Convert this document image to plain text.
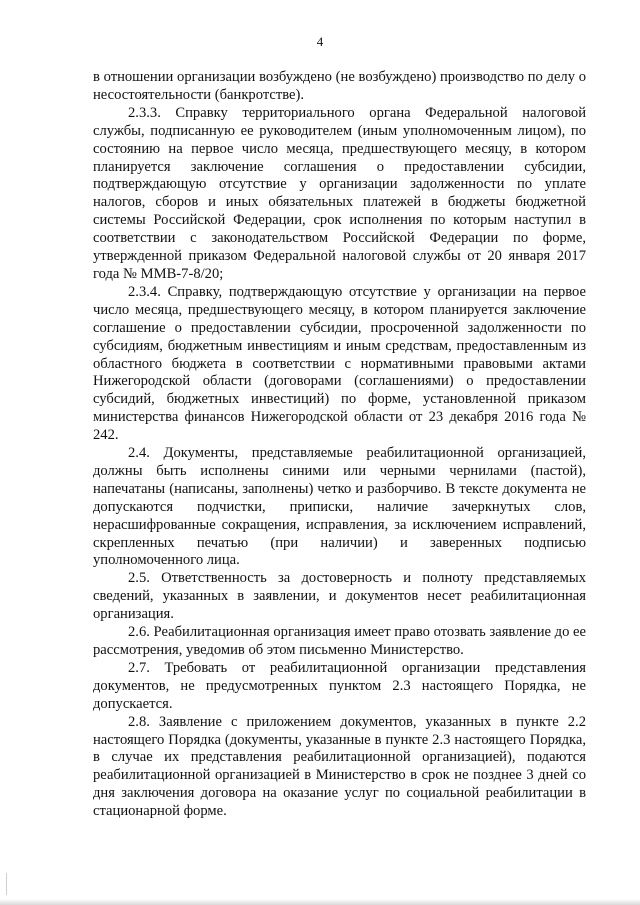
4

в отношении организации возбуждено (не возбуждено) производство по делу о несостоятельности (банкротстве).

2.3.3. Справку территориального органа Федеральной налоговой службы, подписанную ее руководителем (иным уполномоченным лицом), по состоянию на первое число месяца, предшествующего месяцу, в котором планируется заключение соглашения о предоставлении субсидии, подтверждающую отсутствие у организации задолженности по уплате налогов, сборов и иных обязательных платежей в бюджеты бюджетной системы Российской Федерации, срок исполнения по которым наступил в соответствии с законодательством Российской Федерации по форме, утвержденной приказом Федеральной налоговой службы от 20 января 2017 года № ММВ-7-8/20;

2.3.4. Справку, подтверждающую отсутствие у организации на первое число месяца, предшествующего месяцу, в котором планируется заключение соглашение о предоставлении субсидии, просроченной задолженности по субсидиям, бюджетным инвестициям и иным средствам, предоставленным из областного бюджета в соответствии с нормативными правовыми актами Нижегородской области (договорами (соглашениями) о предоставлении субсидий, бюджетных инвестиций) по форме, установленной приказом министерства финансов Нижегородской области от 23 декабря 2016 года № 242.

2.4. Документы, представляемые реабилитационной организацией, должны быть исполнены синими или черными чернилами (пастой), напечатаны (написаны, заполнены) четко и разборчиво. В тексте документа не допускаются подчистки, приписки, наличие зачеркнутых слов, нерасшифрованные сокращения, исправления, за исключением исправлений, скрепленных печатью (при наличии) и заверенных подписью уполномоченного лица.

2.5. Ответственность за достоверность и полноту представляемых сведений, указанных в заявлении, и документов несет реабилитационная организация.

2.6. Реабилитационная организация имеет право отозвать заявление до ее рассмотрения, уведомив об этом письменно Министерство.

2.7. Требовать от реабилитационной организации представления документов, не предусмотренных пунктом 2.3 настоящего Порядка, не допускается.

2.8. Заявление с приложением документов, указанных в пункте 2.2 настоящего Порядка (документы, указанные в пункте 2.3 настоящего Порядка, в случае их представления реабилитационной организацией), подаются реабилитационной организацией в Министерство в срок не позднее 3 дней со дня заключения договора на оказание услуг по социальной реабилитации в стационарной форме.
